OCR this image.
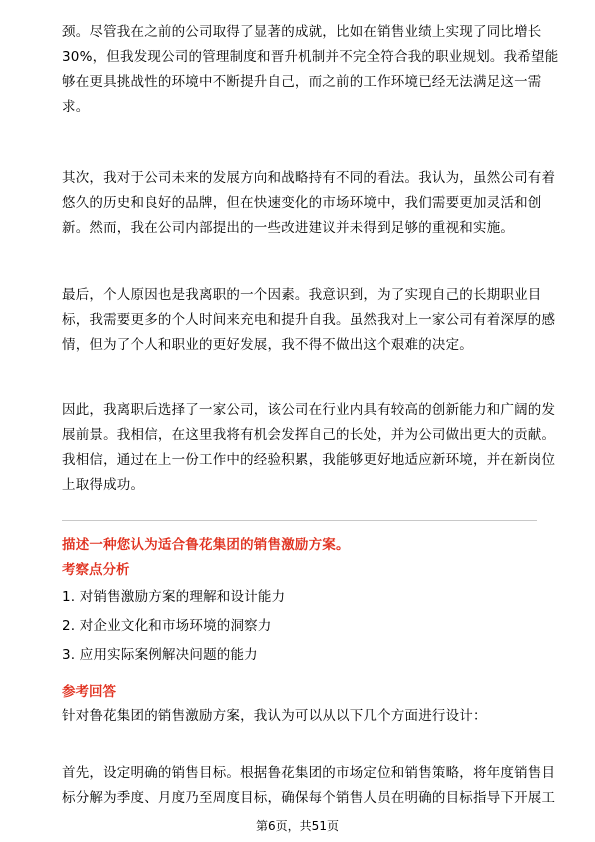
颈。尽管我在之前的公司取得了显著的成就，比如在销售业绩上实现了同比增长
30%，但我发现公司的管理制度和晋升机制并不完全符合我的职业规划。我希望能
够在更具挑战性的环境中不断提升自己，而之前的工作环境已经无法满足这一需
求。
其次，我对于公司未来的发展方向和战略持有不同的看法。我认为，虽然公司有着
悠久的历史和良好的品牌，但在快速变化的市场环境中，我们需要更加灵活和创
新。然而，我在公司内部提出的一些改进建议并未得到足够的重视和实施。
最后，个人原因也是我离职的一个因素。我意识到，为了实现自己的长期职业目
标，我需要更多的个人时间来充电和提升自我。虽然我对上一家公司有着深厚的感
情，但为了个人和职业的更好发展，我不得不做出这个艰难的决定。
因此，我离职后选择了一家公司，该公司在行业内具有较高的创新能力和广阔的发
展前景。我相信，在这里我将有机会发挥自己的长处，并为公司做出更大的贡献。
我相信，通过在上一份工作中的经验积累，我能够更好地适应新环境，并在新岗位
上取得成功。
描述一种您认为适合鲁花集团的销售激励方案。
考察点分析
1. 对销售激励方案的理解和设计能力
2. 对企业文化和市场环境的洞察力
3. 应用实际案例解决问题的能力
参考回答
针对鲁花集团的销售激励方案，我认为可以从以下几个方面进行设计：
首先，设定明确的销售目标。根据鲁花集团的市场定位和销售策略，将年度销售目
标分解为季度、月度乃至周度目标，确保每个销售人员在明确的目标指导下开展工
第6页，共51页
